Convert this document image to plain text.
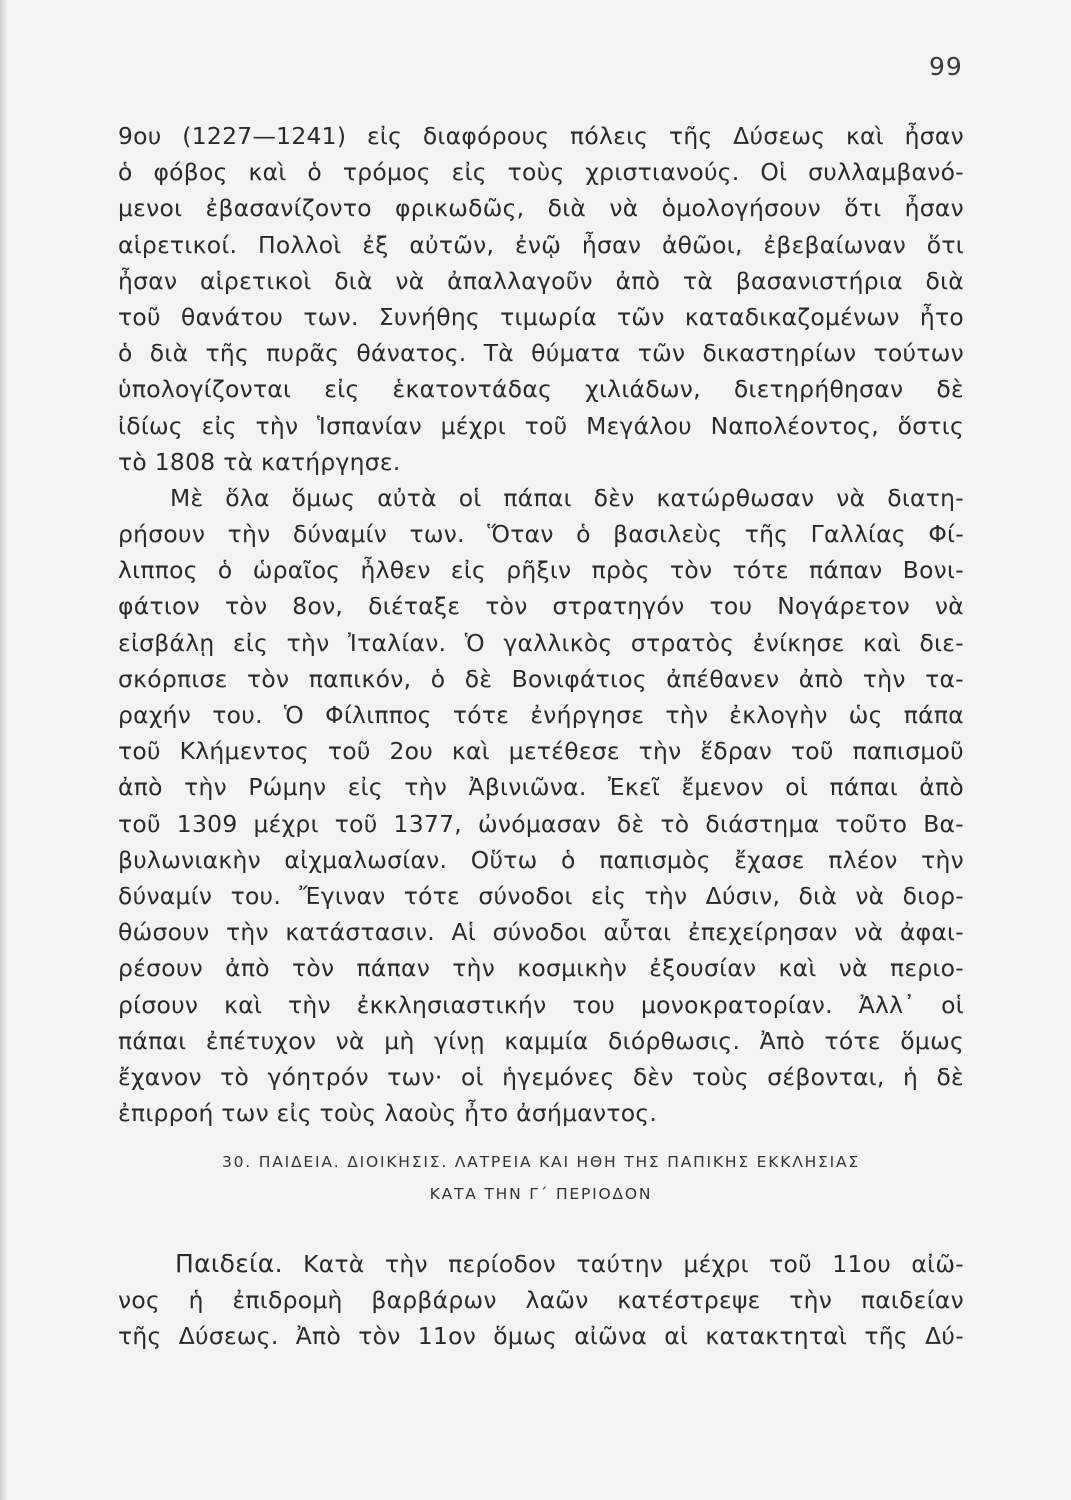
99
9ου (1227—1241) εἰς διαφόρους πόλεις τῆς Δύσεως καὶ ἦσαν
ὁ φόβος καὶ ὁ τρόμος εἰς τοὺς χριστιανούς. Οἱ συλλαμβανό-
μενοι ἐβασανίζοντο φρικωδῶς, διὰ νὰ ὁμολογήσουν ὅτι ἦσαν
αἱρετικοί. Πολλοὶ ἐξ αὐτῶν, ἐνῷ ἦσαν ἀθῶοι, ἐβεβαίωναν ὅτι
ἦσαν αἱρετικοὶ διὰ νὰ ἀπαλλαγοῦν ἀπὸ τὰ βασανιστήρια διὰ
τοῦ θανάτου των. Συνήθης τιμωρία τῶν καταδικαζομένων ἦτο
ὁ διὰ τῆς πυρᾶς θάνατος. Τὰ θύματα τῶν δικαστηρίων τούτων
ὑπολογίζονται εἰς ἑκατοντάδας χιλιάδων, διετηρήθησαν δὲ
ἰδίως εἰς τὴν Ἱσπανίαν μέχρι τοῦ Μεγάλου Ναπολέοντος, ὅστις
τὸ 1808 τὰ κατήργησε.
Μὲ ὅλα ὅμως αὐτὰ οἱ πάπαι δὲν κατώρθωσαν νὰ διατη-
ρήσουν τὴν δύναμίν των. Ὅταν ὁ βασιλεὺς τῆς Γαλλίας Φί-
λιππος ὁ ὡραῖος ἦλθεν εἰς ρῆξιν πρὸς τὸν τότε πάπαν Βονι-
φάτιον τὸν 8ον, διέταξε τὸν στρατηγόν του Νογάρετον νὰ
εἰσβάλῃ εἰς τὴν Ἰταλίαν. Ὁ γαλλικὸς στρατὸς ἐνίκησε καὶ διε-
σκόρπισε τὸν παπικόν, ὁ δὲ Βονιφάτιος ἀπέθανεν ἀπὸ τὴν τα-
ραχήν του. Ὁ Φίλιππος τότε ἐνήργησε τὴν ἐκλογὴν ὡς πάπα
τοῦ Κλήμεντος τοῦ 2ου καὶ μετέθεσε τὴν ἕδραν τοῦ παπισμοῦ
ἀπὸ τὴν Ρώμην εἰς τὴν Ἀβινιῶνα. Ἐκεῖ ἔμενον οἱ πάπαι ἀπὸ
τοῦ 1309 μέχρι τοῦ 1377, ὠνόμασαν δὲ τὸ διάστημα τοῦτο Βα-
βυλωνιακὴν αἰχμαλωσίαν. Οὕτω ὁ παπισμὸς ἔχασε πλέον τὴν
δύναμίν του. Ἔγιναν τότε σύνοδοι εἰς τὴν Δύσιν, διὰ νὰ διορ-
θώσουν τὴν κατάστασιν. Αἱ σύνοδοι αὗται ἐπεχείρησαν νὰ ἀφαι-
ρέσουν ἀπὸ τὸν πάπαν τὴν κοσμικὴν ἐξουσίαν καὶ νὰ περιο-
ρίσουν καὶ τὴν ἐκκλησιαστικήν του μονοκρατορίαν. Ἀλλ᾿ οἱ
πάπαι ἐπέτυχον νὰ μὴ γίνῃ καμμία διόρθωσις. Ἀπὸ τότε ὅμως
ἔχανον τὸ γόητρόν των· οἱ ἡγεμόνες δὲν τοὺς σέβονται, ἡ δὲ
ἐπιρροή των εἰς τοὺς λαοὺς ἦτο ἀσήμαντος.
30. ΠΑΙΔΕΙΑ. ΔΙΟΙΚΗΣΙΣ. ΛΑΤΡΕΙΑ ΚΑΙ ΗΘΗ ΤΗΣ ΠΑΠΙΚΗΣ ΕΚΚΛΗΣΙΑΣ
ΚΑΤΑ ΤΗΝ Γ΄ ΠΕΡΙΟΔΟΝ
Παιδεία. Κατὰ τὴν περίοδον ταύτην μέχρι τοῦ 11ου αἰῶ-
νος ἡ ἐπιδρομὴ βαρβάρων λαῶν κατέστρεψε τὴν παιδείαν
τῆς Δύσεως. Ἀπὸ τὸν 11ον ὅμως αἰῶνα αἱ κατακτηταὶ τῆς Δύ-
